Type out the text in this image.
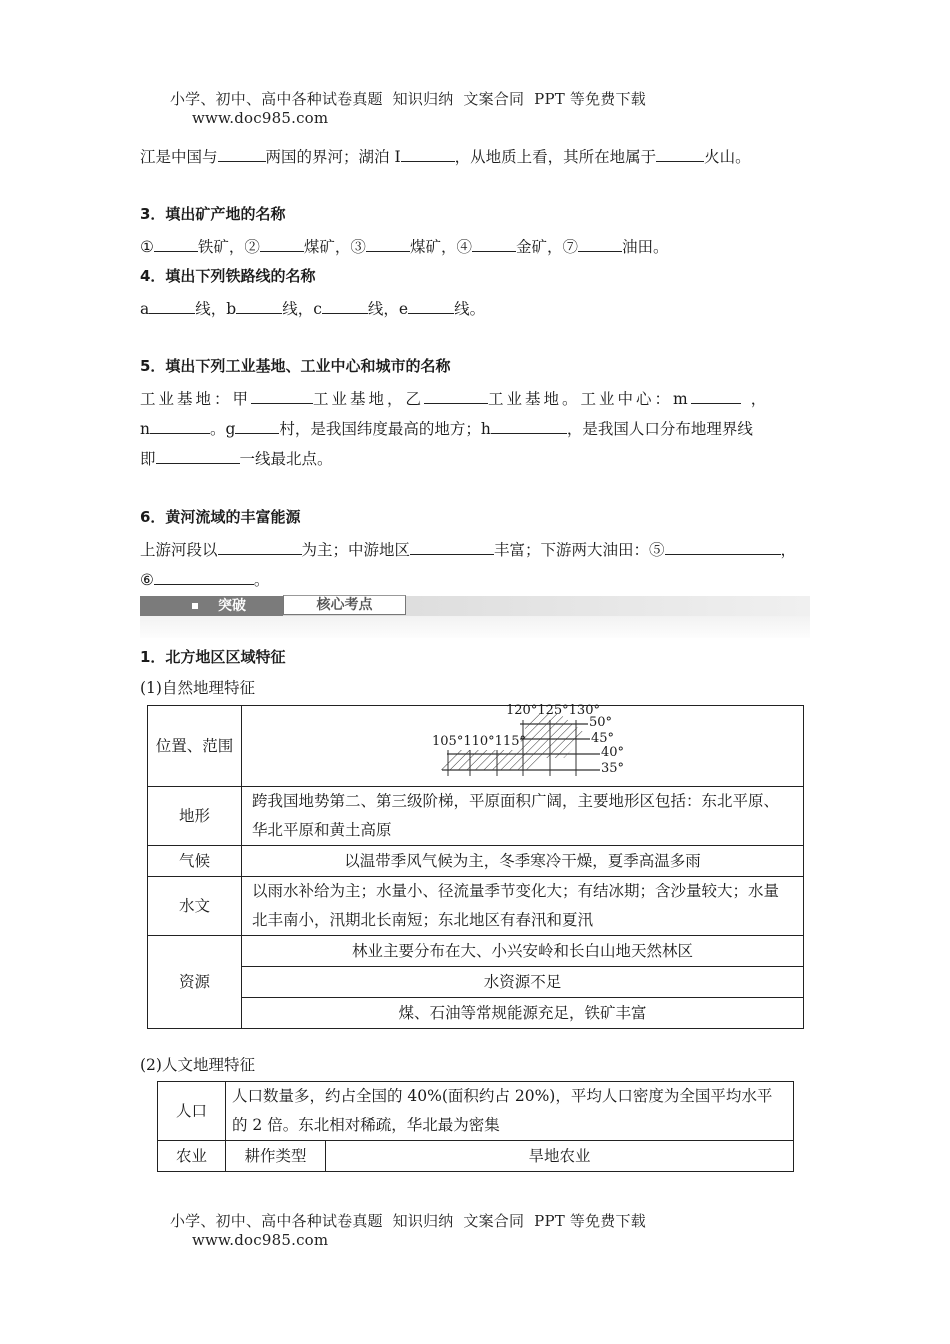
小学、初中、高中各种试卷真题  知识归纳  文案合同  PPT 等免费下载
www.doc985.com

江是中国与	两国的界河；湖泊 I	，从地质上看，其所在地属于	火山。
3．填出矿产地的名称
①	铁矿，②	煤矿，③	煤矿，④	金矿，⑦	油田。
4．填出下列铁路线的名称
a	线，b	线，c	线，e	线。
5．填出下列工业基地、工业中心和城市的名称
工业基地：甲	工业基地，乙	工业基地。工业中心：m	，
n	。g	村，是我国纬度最高的地方；h	，是我国人口分布地理界线
即	一线最北点。
6．黄河流域的丰富能源
上游河段以	为主；中游地区	丰富；下游两大油田：⑤	，
⑥	。
突破	核心考点
1．北方地区区域特征
(1)自然地理特征
位置、范围	
120°125°130°
105°110°115°
50°
45°
40°
35°

地形	跨我国地势第二、第三级阶梯，平原面积广阔，主要地形区包括：东北平原、华北平原和黄土高原
气候	以温带季风气候为主，冬季寒冷干燥，夏季高温多雨
水文	以雨水补给为主；水量小、径流量季节变化大；有结冰期；含沙量较大；水量北丰南小，汛期北长南短；东北地区有春汛和夏汛
资源	林业主要分布在大、小兴安岭和长白山地天然林区
	水资源不足
	煤、石油等常规能源充足，铁矿丰富
(2)人文地理特征
人口	人口数量多，约占全国的 40%(面积约占 20%)，平均人口密度为全国平均水平的 2 倍。东北相对稀疏，华北最为密集	
农业	耕作类型	旱地农业

小学、初中、高中各种试卷真题  知识归纳  文案合同  PPT 等免费下载
www.doc985.com
